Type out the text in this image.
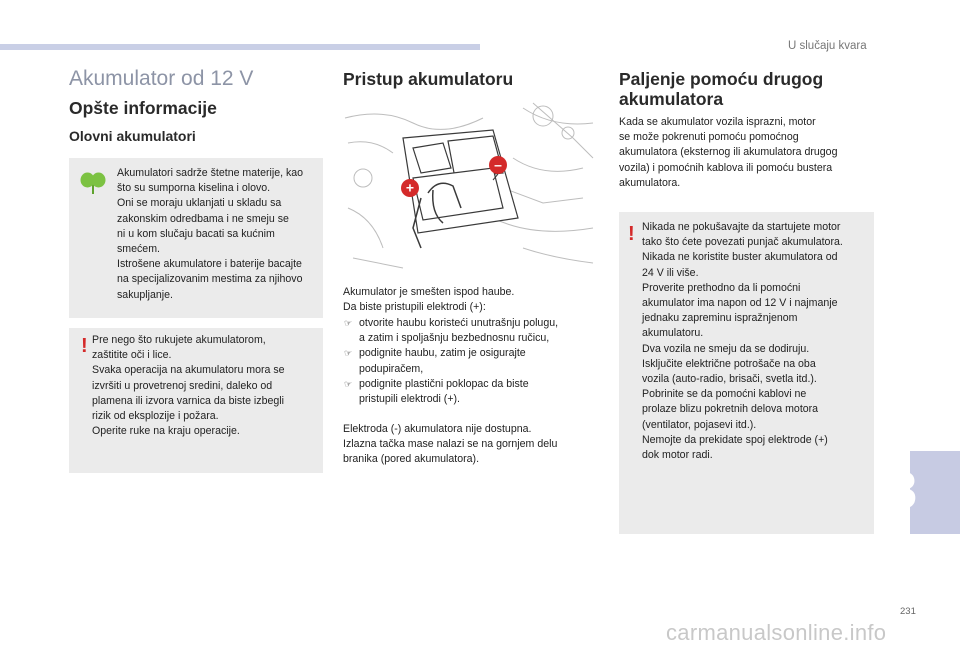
U slučaju kvara
Akumulator od 12 V
Opšte informacije
Olovni akumulatori
Akumulatori sadrže štetne materije, kao
što su sumporna kiselina i olovo.
Oni se moraju uklanjati u skladu sa
zakonskim odredbama i ne smeju se
ni u kom slučaju bacati sa kućnim
smećem.
Istrošene akumulatore i baterije bacajte
na specijalizovanim mestima za njihovo
sakupljanje.
! Pre nego što rukujete akumulatorom,
zaštitite oči i lice.
Svaka operacija na akumulatoru mora se
izvršiti u provetrenoj sredini, daleko od
plamena ili izvora varnica da biste izbegli
rizik od eksplozije i požara.
Operite ruke na kraju operacije.
Pristup akumulatoru
+
–
Akumulator je smešten ispod haube.
Da biste pristupili elektrodi (+):
☞ otvorite haubu koristeći unutrašnju polugu,
a zatim i spoljašnju bezbednosnu ručicu,
☞ podignite haubu, zatim je osigurajte
podupiračem,
☞ podignite plastični poklopac da biste
pristupili elektrodi (+).
Elektroda (-) akumulatora nije dostupna.
Izlazna tačka mase nalazi se na gornjem delu
branika (pored akumulatora).
Paljenje pomoću drugog
akumulatora
Kada se akumulator vozila isprazni, motor
se može pokrenuti pomoću pomoćnog
akumulatora (eksternog ili akumulatora drugog
vozila) i pomoćnih kablova ili pomoću bustera
akumulatora.
! Nikada ne pokušavajte da startujete motor
tako što ćete povezati punjač akumulatora.
Nikada ne koristite buster akumulatora od
24 V ili više.
Proverite prethodno da li pomoćni
akumulator ima napon od 12 V i najmanje
jednaku zapreminu ispražnjenom
akumulatoru.
Dva vozila ne smeju da se dodiruju.
Isključite električne potrošače na oba
vozila (auto-radio, brisači, svetla itd.).
Pobrinite se da pomoćni kablovi ne
prolaze blizu pokretnih delova motora
(ventilator, pojasevi itd.).
Nemojte da prekidate spoj elektrode (+)
dok motor radi.
8
231
carmanualsonline.info
